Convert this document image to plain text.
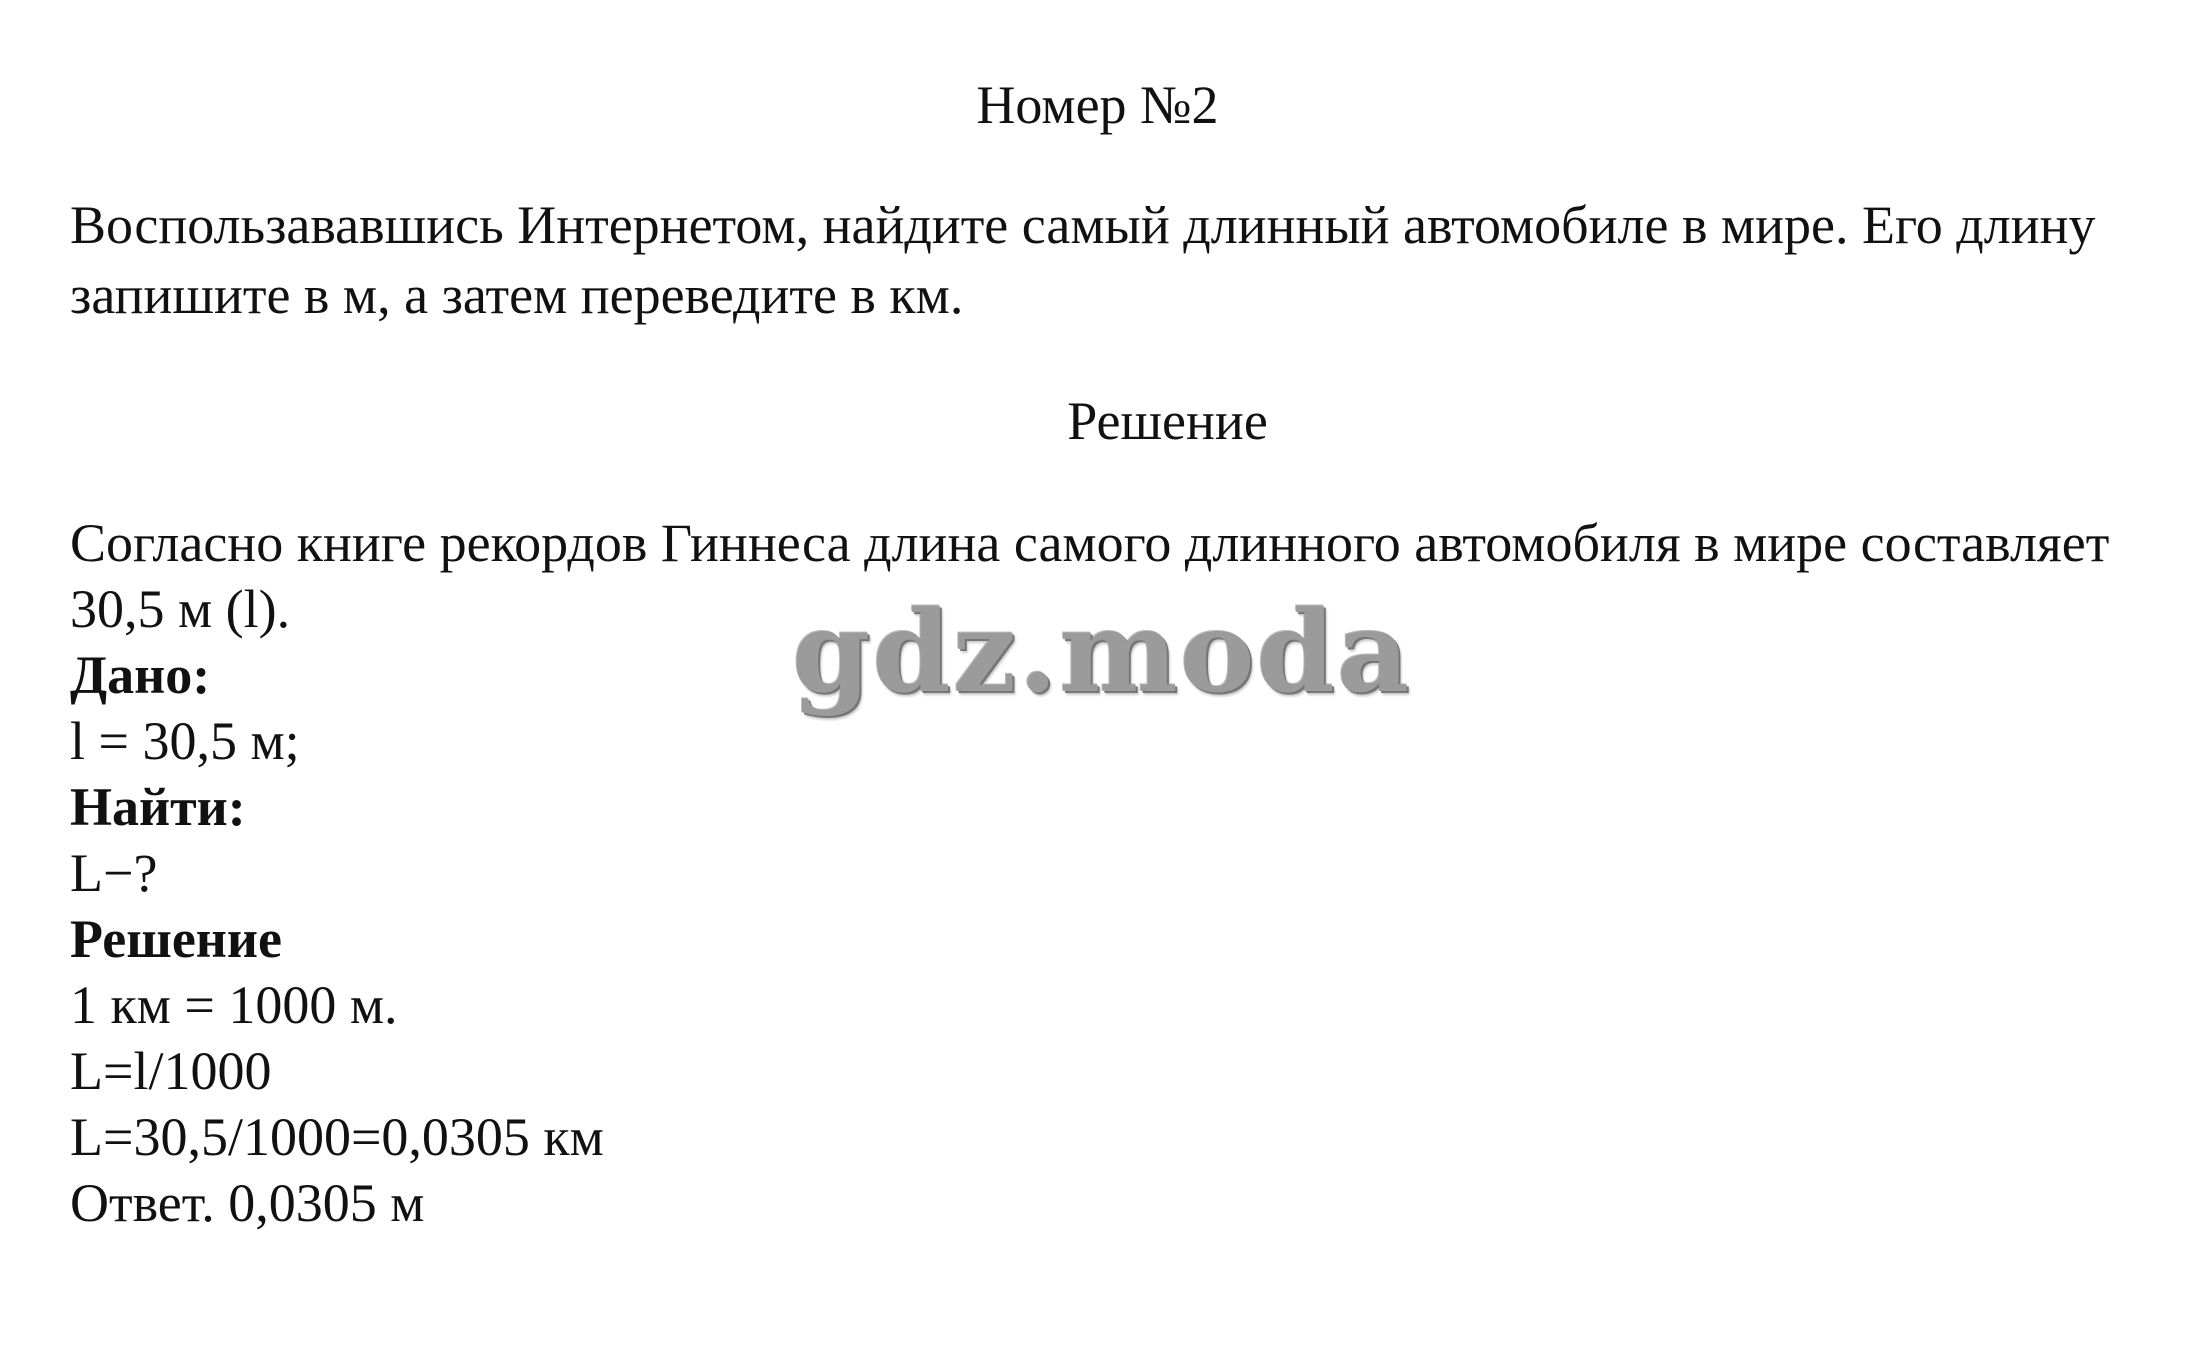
Номер №2

Воспользававшись Интернетом, найдите самый длинный автомобиле в мире. Его длину запишите в м, а затем переведите в км.

Решение

Согласно книге рекордов Гиннеса длина самого длинного автомобиля в мире составляет 30,5 м (l).

Дано:

l = 30,5 м;

Найти:

L−?

Решение

1 км = 1000 м.

L=l/1000

L=30,5/1000=0,0305 км

Ответ. 0,0305 м

gdz.moda
